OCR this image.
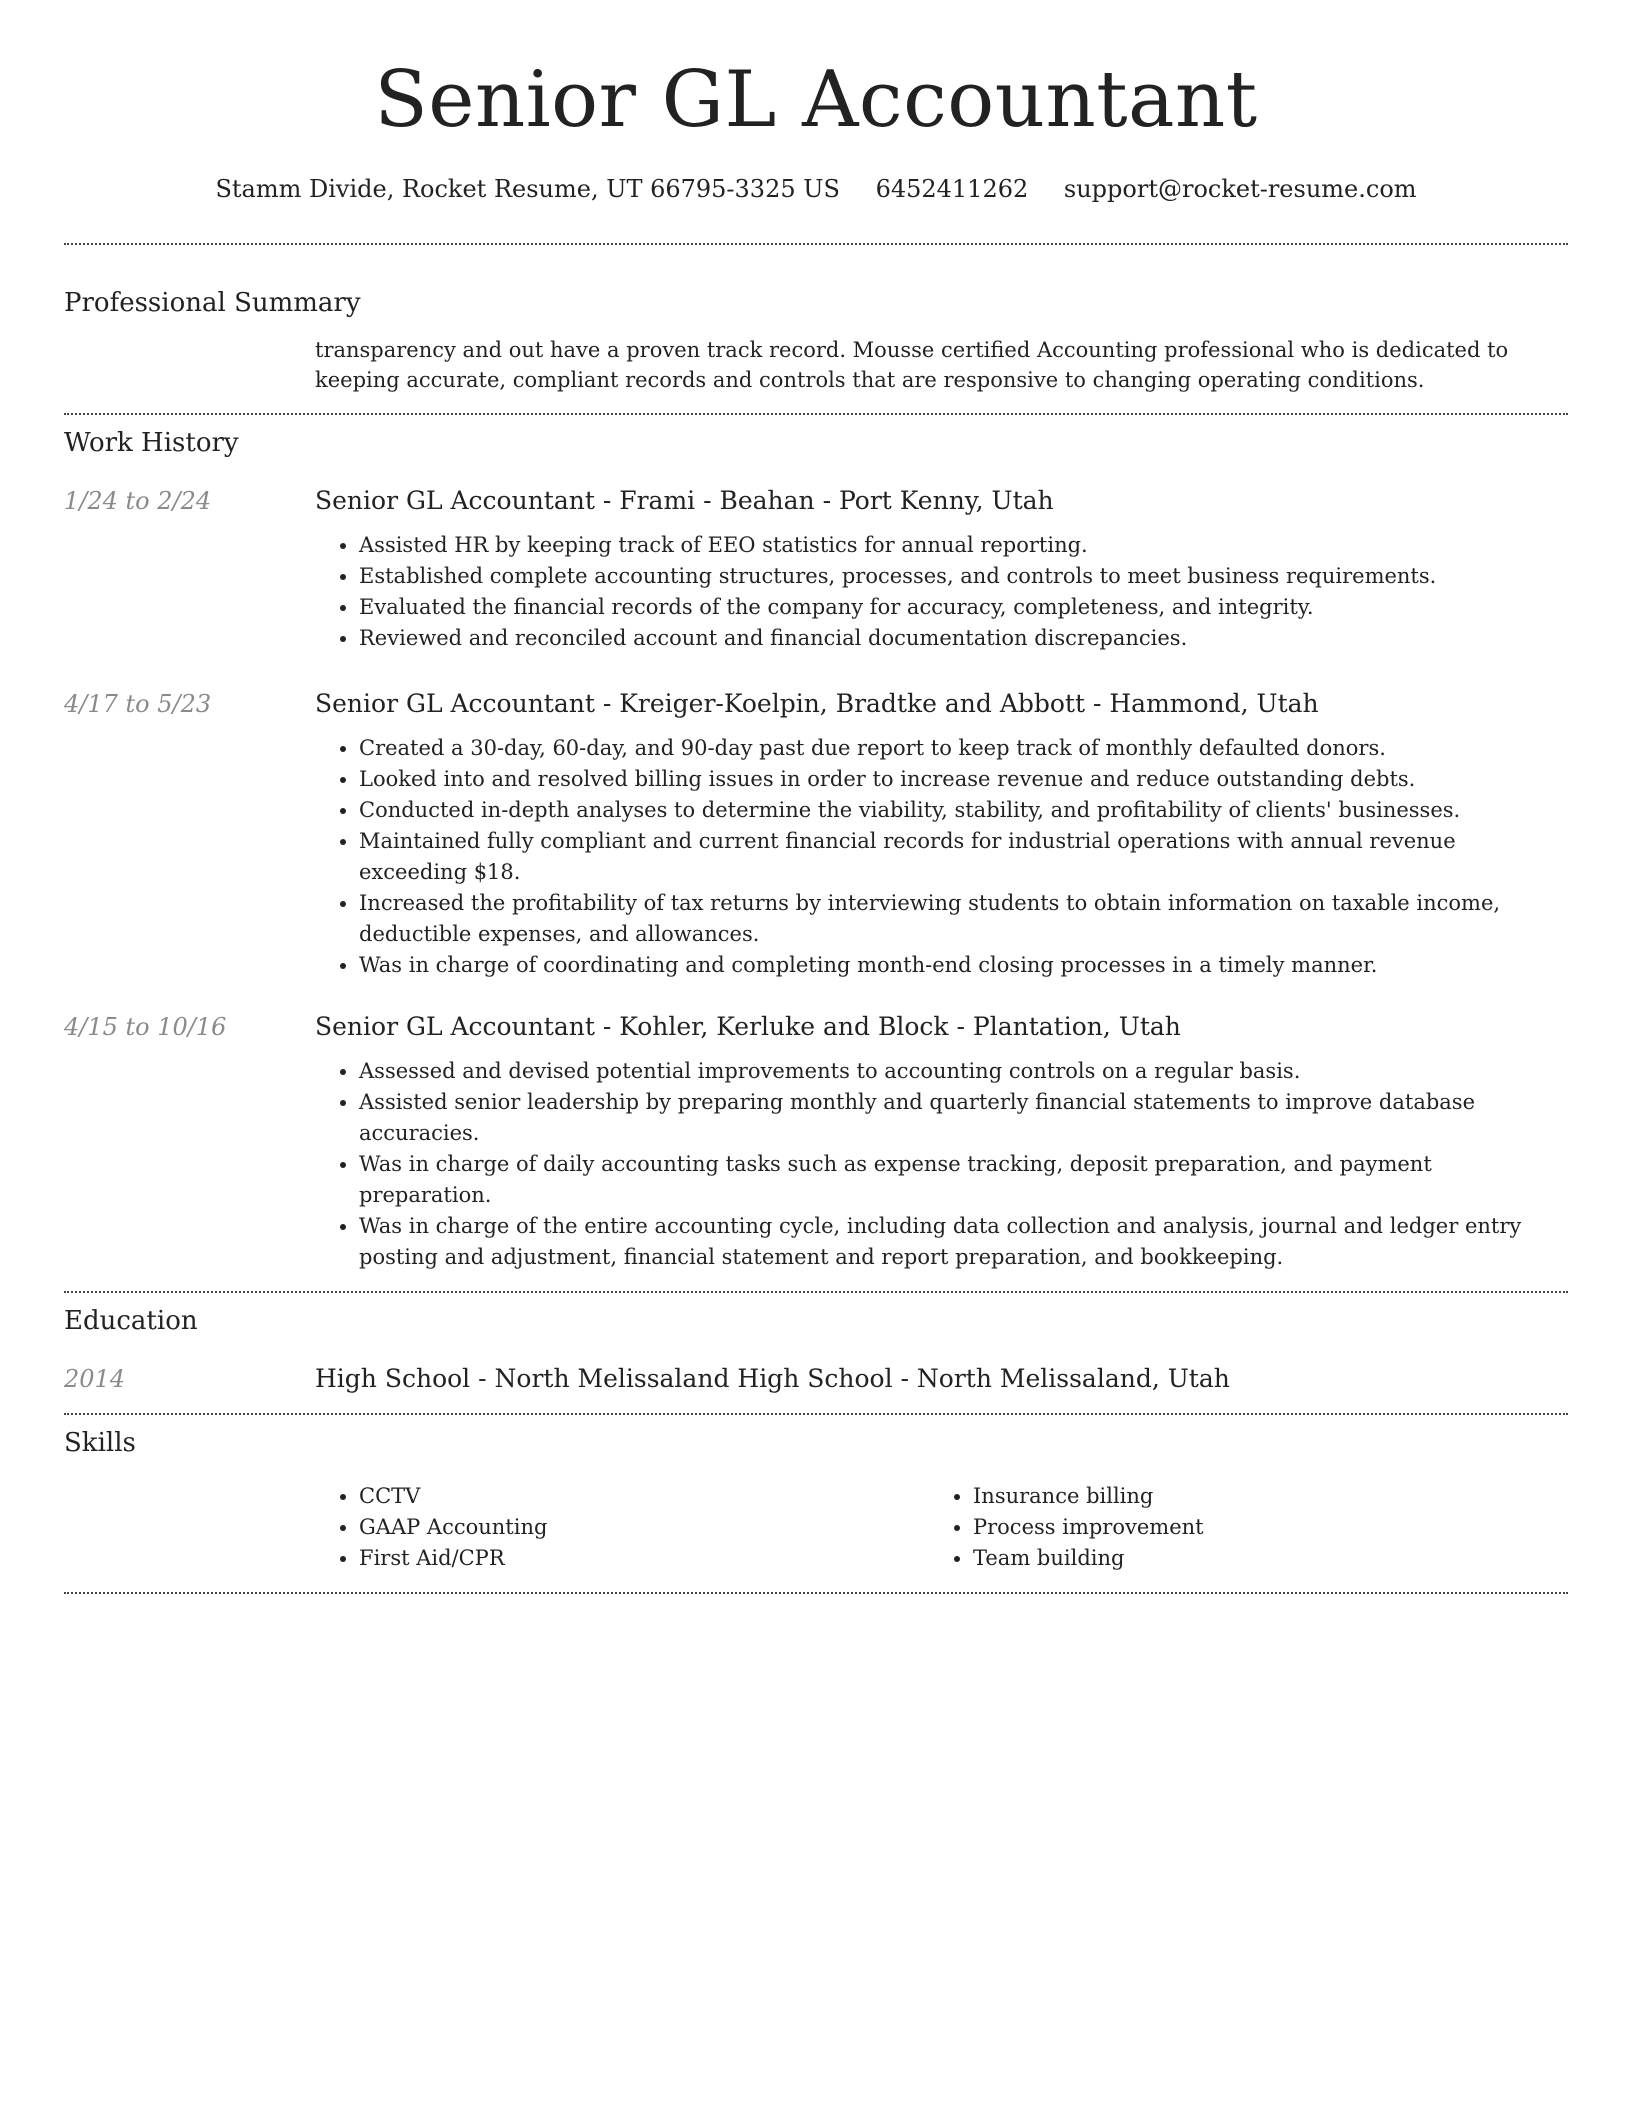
Senior GL Accountant
Stamm Divide, Rocket Resume, UT 66795-3325 US 6452411262 support@rocket-resume.com
Professional Summary
transparency and out have a proven track record. Mousse certified Accounting professional who is dedicated to keeping accurate, compliant records and controls that are responsive to changing operating conditions.
Work History
1/24 to 2/24	Senior GL Accountant - Frami - Beahan - Port Kenny, Utah
• Assisted HR by keeping track of EEO statistics for annual reporting.
• Established complete accounting structures, processes, and controls to meet business requirements.
• Evaluated the financial records of the company for accuracy, completeness, and integrity.
• Reviewed and reconciled account and financial documentation discrepancies.
4/17 to 5/23	Senior GL Accountant - Kreiger-Koelpin, Bradtke and Abbott - Hammond, Utah
• Created a 30-day, 60-day, and 90-day past due report to keep track of monthly defaulted donors.
• Looked into and resolved billing issues in order to increase revenue and reduce outstanding debts.
• Conducted in-depth analyses to determine the viability, stability, and profitability of clients' businesses.
• Maintained fully compliant and current financial records for industrial operations with annual revenue exceeding $18.
• Increased the profitability of tax returns by interviewing students to obtain information on taxable income, deductible expenses, and allowances.
• Was in charge of coordinating and completing month-end closing processes in a timely manner.
4/15 to 10/16	Senior GL Accountant - Kohler, Kerluke and Block - Plantation, Utah
• Assessed and devised potential improvements to accounting controls on a regular basis.
• Assisted senior leadership by preparing monthly and quarterly financial statements to improve database accuracies.
• Was in charge of daily accounting tasks such as expense tracking, deposit preparation, and payment preparation.
• Was in charge of the entire accounting cycle, including data collection and analysis, journal and ledger entry posting and adjustment, financial statement and report preparation, and bookkeeping.
Education
2014	High School - North Melissaland High School - North Melissaland, Utah
Skills
• CCTV
• GAAP Accounting
• First Aid/CPR
• Insurance billing
• Process improvement
• Team building
